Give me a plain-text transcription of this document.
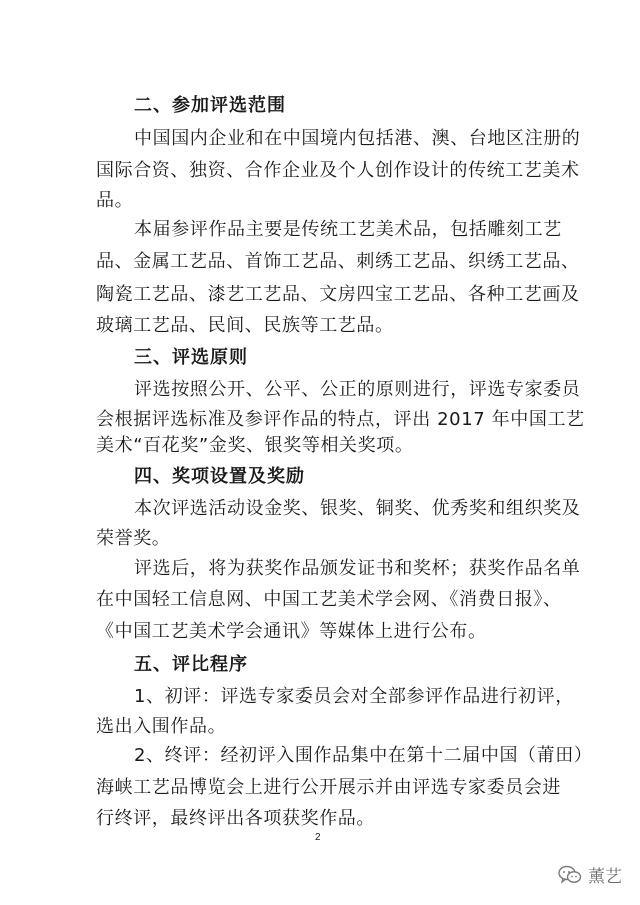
二、参加评选范围
中国国内企业和在中国境内包括港、澳、台地区注册的
国际合资、独资、合作企业及个人创作设计的传统工艺美术
品。
本届参评作品主要是传统工艺美术品，包括雕刻工艺
品、金属工艺品、首饰工艺品、刺绣工艺品、织绣工艺品、
陶瓷工艺品、漆艺工艺品、文房四宝工艺品、各种工艺画及
玻璃工艺品、民间、民族等工艺品。
三、评选原则
评选按照公开、公平、公正的原则进行，评选专家委员
会根据评选标准及参评作品的特点，评出 2017 年中国工艺
美术“百花奖”金奖、银奖等相关奖项。
四、奖项设置及奖励
本次评选活动设金奖、银奖、铜奖、优秀奖和组织奖及
荣誉奖。
评选后，将为获奖作品颁发证书和奖杯；获奖作品名单
在中国轻工信息网、中国工艺美术学会网、《消费日报》、
《中国工艺美术学会通讯》等媒体上进行公布。
五、评比程序
1、初评：评选专家委员会对全部参评作品进行初评，
选出入围作品。
2、终评：经初评入围作品集中在第十二届中国（莆田）
海峡工艺品博览会上进行公开展示并由评选专家委员会进
行终评，最终评出各项获奖作品。
2
薰艺
